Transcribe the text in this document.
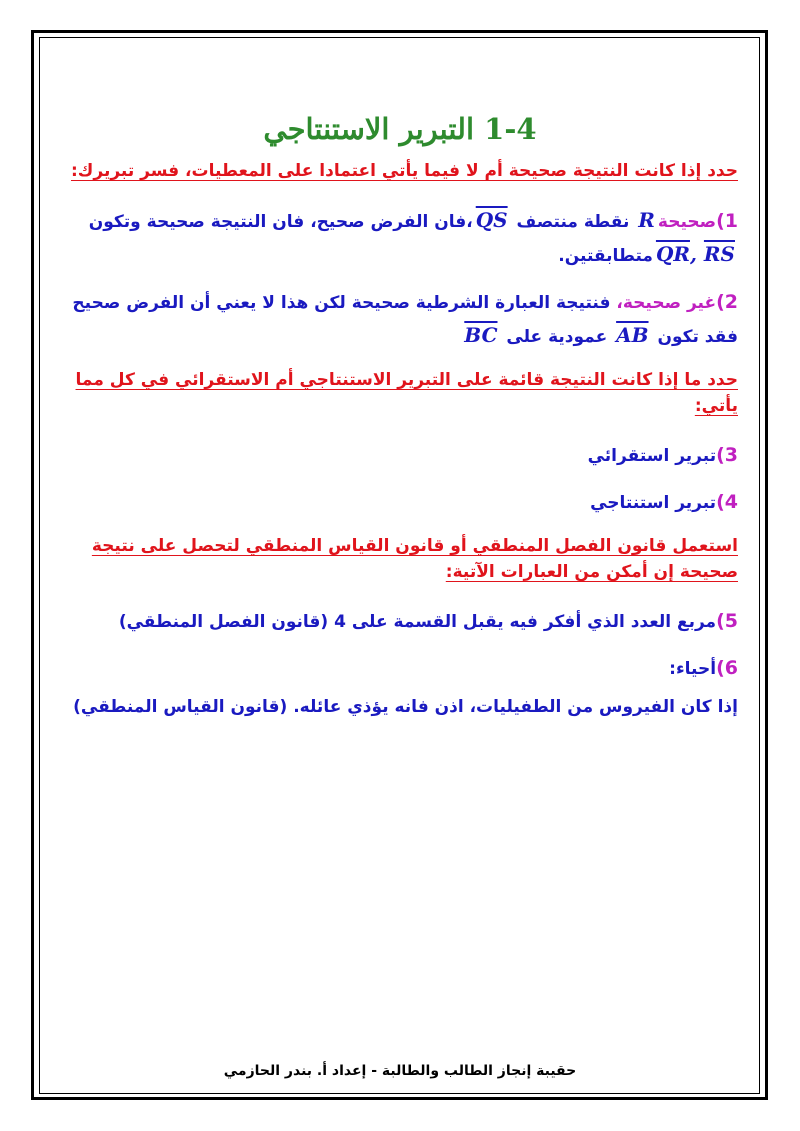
1-4 التبرير الاستنتاجي
حدد إذا كانت النتيجة صحيحة أم لا فيما يأتي اعتمادا على المعطيات، فسر تبريرك:
1)صحيحةR نقطة منتصف $\overline{QS}،فان$ الفرض صحيح، فان النتيجة صحيحة وتكون $\overline{QR}$, $\overline{RS}متطابقتين$.
2)غير صحيحة، فنتيجة العبارة الشرطية صحيحة لكن هذا لا يعني أن الفرض صحيح فقد تكون $\overline{AB}$ عمودية على $\overline{BC}$
حدد ما إذا كانت النتيجة قائمة على التبرير الاستنتاجي أم الاستقرائي في كل مما يأتي:
3)تبرير استقرائي
4)تبرير استنتاجي
استعمل قانون الفصل المنطقي أو قانون القياس المنطقي لتحصل على نتيجة صحيحة إن أمكن من العبارات الآتية:
5)مربع العدد الذي أفكر فيه يقبل القسمة على 4 (قانون الفصل المنطقي)
6)أحياء:
إذا كان الفيروس من الطفيليات، اذن فانه يؤذي عائله. (قانون القياس المنطقي)
حقيبة إنجاز الطالب والطالبة - إعداد أ. بندر الحازمي
